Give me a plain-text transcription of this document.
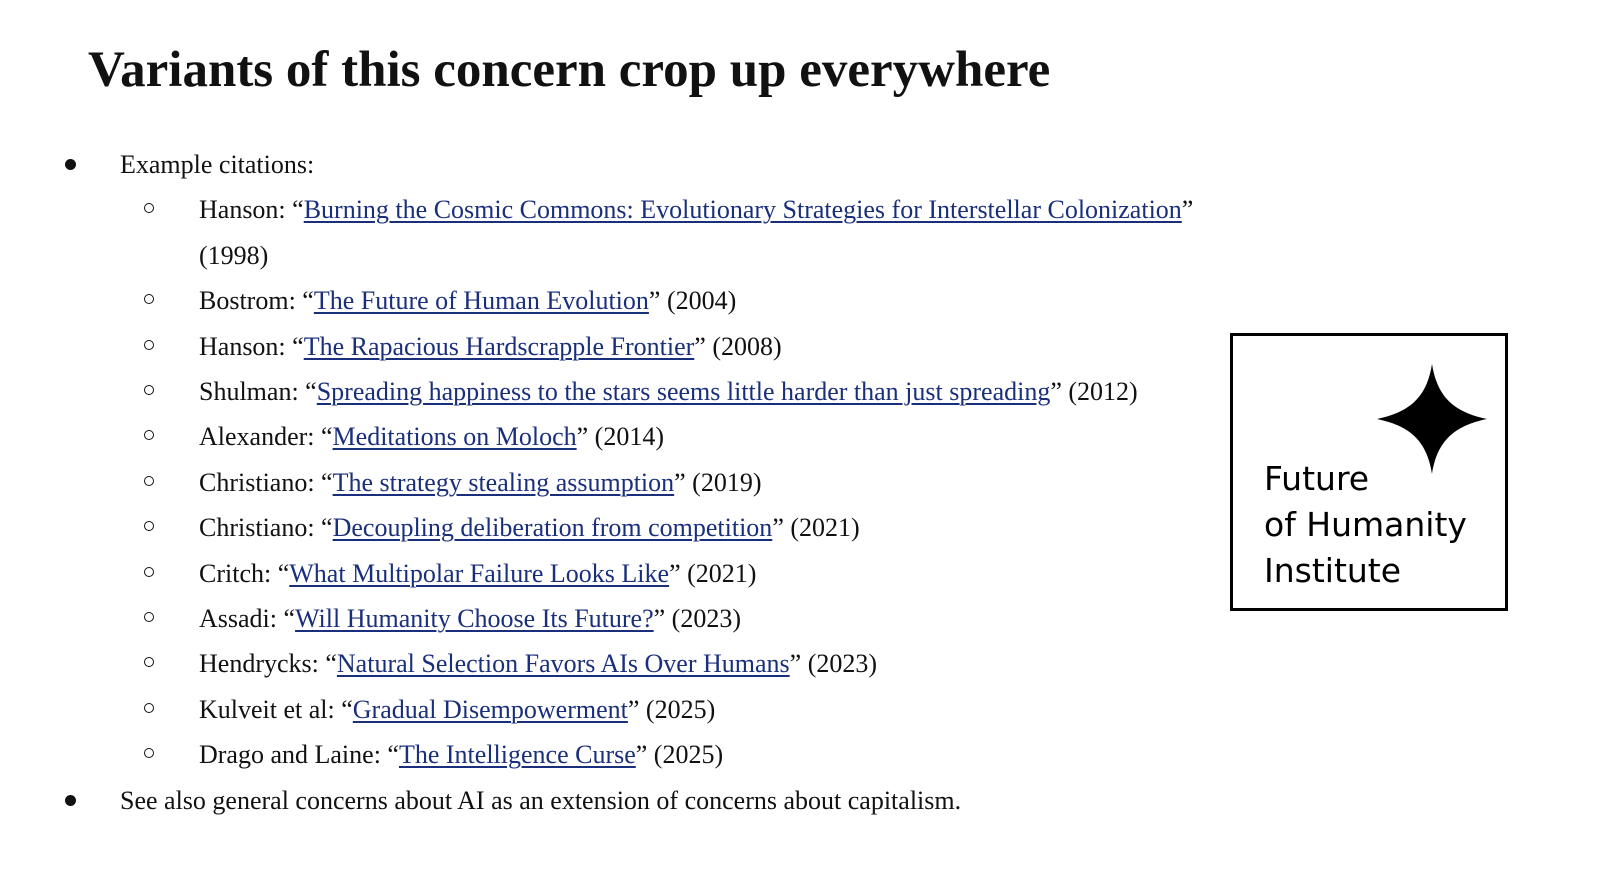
Variants of this concern crop up everywhere
Example citations:
Hanson: “Burning the Cosmic Commons: Evolutionary Strategies for Interstellar Colonization” (1998)
Bostrom: “The Future of Human Evolution” (2004)
Hanson: “The Rapacious Hardscrapple Frontier” (2008)
Shulman: “Spreading happiness to the stars seems little harder than just spreading” (2012)
Alexander: “Meditations on Moloch” (2014)
Christiano: “The strategy stealing assumption” (2019)
Christiano: “Decoupling deliberation from competition” (2021)
Critch: “What Multipolar Failure Looks Like” (2021)
Assadi: “Will Humanity Choose Its Future?” (2023)
Hendrycks: “Natural Selection Favors AIs Over Humans” (2023)
Kulveit et al: “Gradual Disempowerment” (2025)
Drago and Laine: “The Intelligence Curse” (2025)
See also general concerns about AI as an extension of concerns about capitalism.
Future
of Humanity
Institute
